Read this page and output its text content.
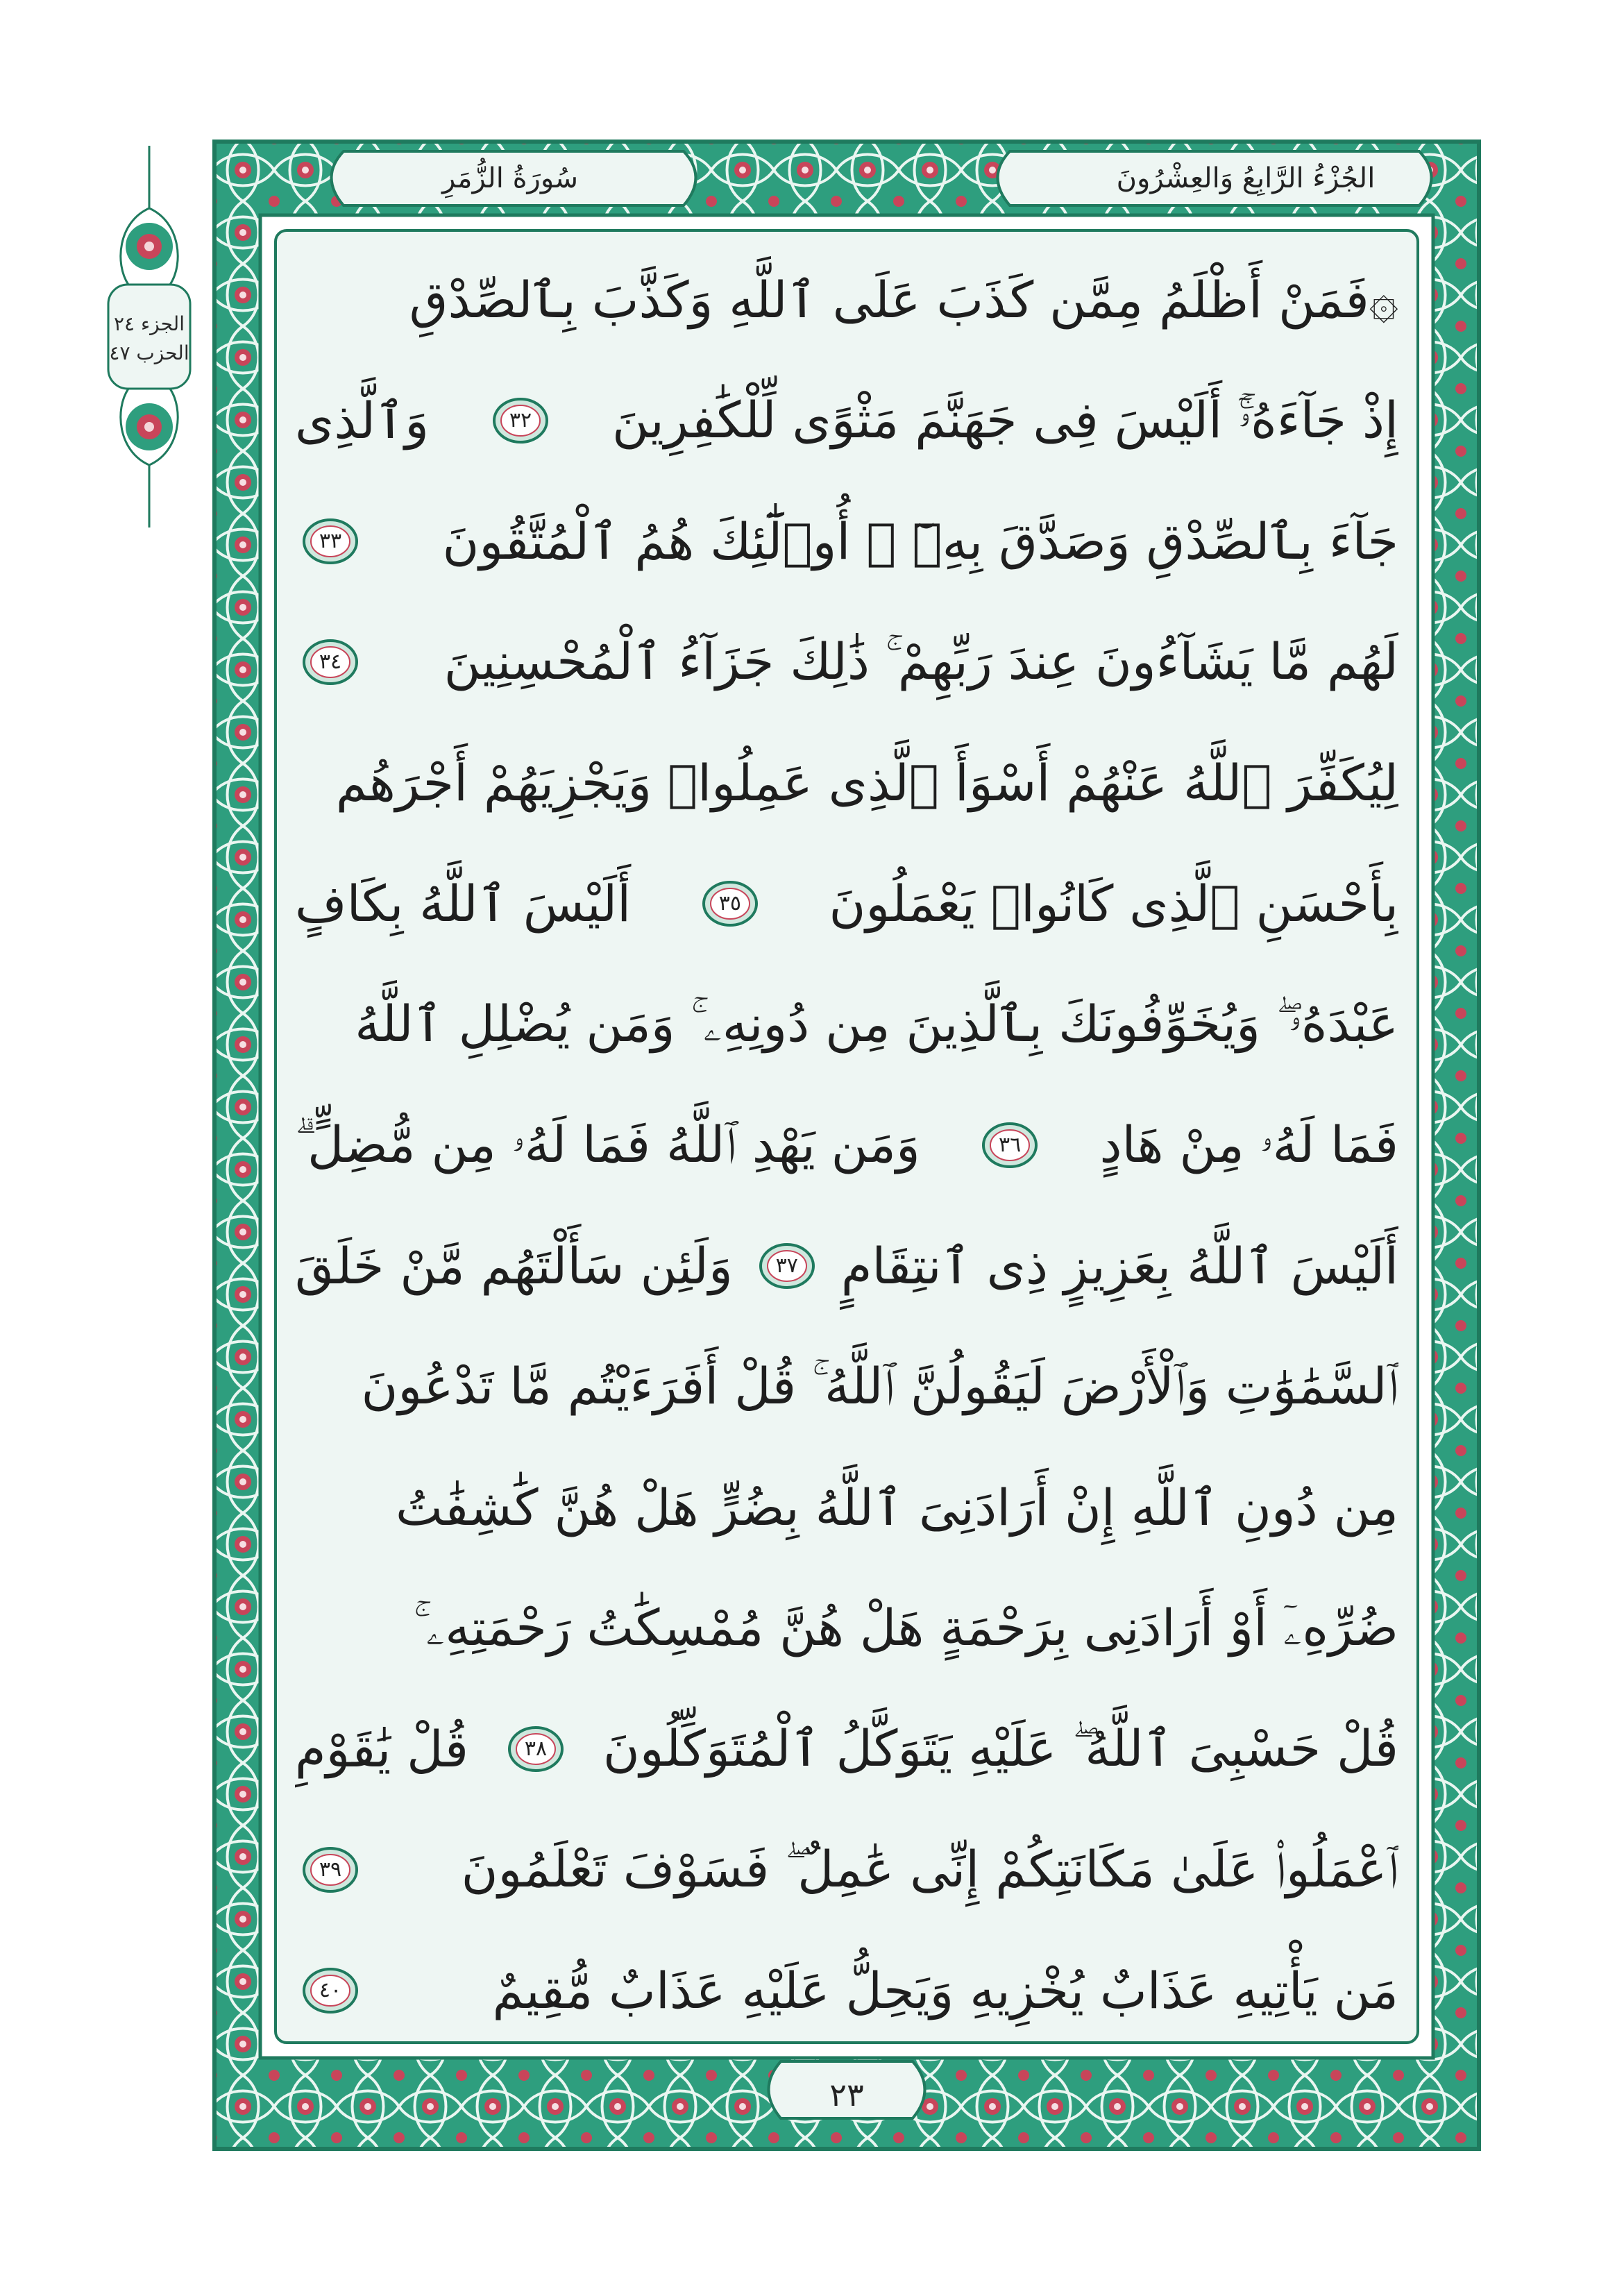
الجزء ٢٤
الحزب ٤٧
الجُزْءُ الرَّابِعُ وَالعِشْرُونَ
سُورَةُ الزُّمَرِ
٢٣
۞فَمَنْ أَظْلَمُ مِمَّن كَذَبَ عَلَى ٱللَّهِ وَكَذَّبَ بِٱلصِّدْقِ
إِذْ جَآءَهُۥٓۚ أَلَيْسَ فِى جَهَنَّمَ مَثْوًى لِّلْكَٰفِرِينَ
٣٢
وَٱلَّذِى
جَآءَ بِٱلصِّدْقِ وَصَدَّقَ بِهِۦٓ ۙ أُو۟لَٰٓئِكَ هُمُ ٱلْمُتَّقُونَ
٣٣
لَهُم مَّا يَشَآءُونَ عِندَ رَبِّهِمْ ۚ ذَٰلِكَ جَزَآءُ ٱلْمُحْسِنِينَ
٣٤
لِيُكَفِّرَ ٱللَّهُ عَنْهُمْ أَسْوَأَ ٱلَّذِى عَمِلُوا۟ وَيَجْزِيَهُمْ أَجْرَهُم
بِأَحْسَنِ ٱلَّذِى كَانُوا۟ يَعْمَلُونَ
٣٥
أَلَيْسَ ٱللَّهُ بِكَافٍ
عَبْدَهُۥ ۖ وَيُخَوِّفُونَكَ بِٱلَّذِينَ مِن دُونِهِۦ ۚ وَمَن يُضْلِلِ ٱللَّهُ
فَمَا لَهُۥ مِنْ هَادٍ
٣٦
وَمَن يَهْدِ ٱللَّهُ فَمَا لَهُۥ مِن مُّضِلٍّ ۗ
أَلَيْسَ ٱللَّهُ بِعَزِيزٍ ذِى ٱنتِقَامٍ
٣٧
وَلَئِن سَأَلْتَهُم مَّنْ خَلَقَ
ٱلسَّمَٰوَٰتِ وَٱلْأَرْضَ لَيَقُولُنَّ ٱللَّهُ ۚ قُلْ أَفَرَءَيْتُم مَّا تَدْعُونَ
مِن دُونِ ٱللَّهِ إِنْ أَرَادَنِىَ ٱللَّهُ بِضُرٍّ هَلْ هُنَّ كَٰشِفَٰتُ
ضُرِّهِۦٓ أَوْ أَرَادَنِى بِرَحْمَةٍ هَلْ هُنَّ مُمْسِكَٰتُ رَحْمَتِهِۦ ۚ
قُلْ حَسْبِىَ ٱللَّهُ ۖ عَلَيْهِ يَتَوَكَّلُ ٱلْمُتَوَكِّلُونَ
٣٨
قُلْ يَٰقَوْمِ
ٱعْمَلُوا۟ عَلَىٰ مَكَانَتِكُمْ إِنِّى عَٰمِلٌ ۖ فَسَوْفَ تَعْلَمُونَ
٣٩
مَن يَأْتِيهِ عَذَابٌ يُخْزِيهِ وَيَحِلُّ عَلَيْهِ عَذَابٌ مُّقِيمٌ
٤٠
